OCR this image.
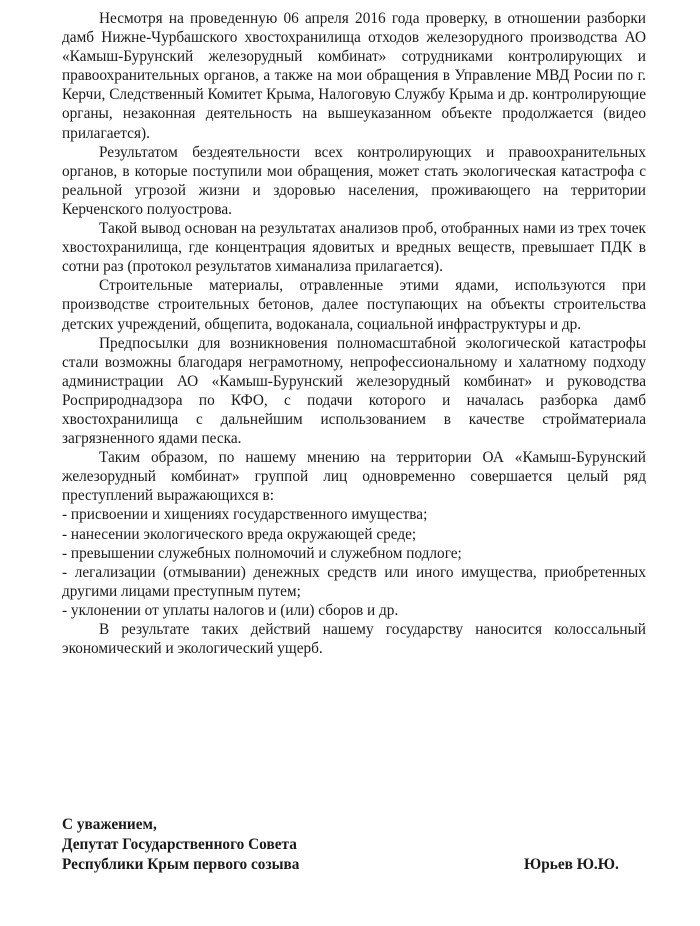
Несмотря на проведенную 06 апреля 2016 года проверку, в отношении разборки дамб Нижне-Чурбашского хвостохранилища отходов железорудного производства АО «Камыш-Бурунский железорудный комбинат» сотрудниками контролирующих и правоохранительных органов, а также на мои обращения в Управление МВД Росии по г. Керчи, Следственный Комитет Крыма, Налоговую Службу Крыма и др. контролирующие органы, незаконная деятельность на вышеуказанном объекте продолжается (видео прилагается).

Результатом бездеятельности всех контролирующих и правоохранительных органов, в которые поступили мои обращения, может стать экологическая катастрофа с реальной угрозой жизни и здоровью населения, проживающего на территории Керченского полуострова.

Такой вывод основан на результатах анализов проб, отобранных нами из трех точек хвостохранилища, где концентрация ядовитых и вредных веществ, превышает ПДК в сотни раз (протокол результатов химанализа прилагается).

Строительные материалы, отравленные этими ядами, используются при производстве строительных бетонов, далее поступающих на объекты строительства детских учреждений, общепита, водоканала, социальной инфраструктуры и др.

Предпосылки для возникновения полномасштабной экологической катастрофы стали возможны благодаря неграмотному, непрофессиональному и халатному подходу администрации АО «Камыш-Бурунский железорудный комбинат» и руководства Росприроднадзора по КФО, с подачи которого и началась разборка дамб хвостохранилища с дальнейшим использованием в качестве стройматериала загрязненного ядами песка.

Таким образом, по нашему мнению на территории ОА «Камыш-Бурунский железорудный комбинат» группой лиц одновременно совершается целый ряд преступлений выражающихся в:

- присвоении и хищениях государственного имущества;

- нанесении экологического вреда окружающей среде;

- превышении служебных полномочий и служебном подлоге;

- легализации (отмывании) денежных средств или иного имущества, приобретенных другими лицами преступным путем;

- уклонении от уплаты налогов и (или) сборов и др.

В результате таких действий нашему государству наносится колоссальный экономический и экологический ущерб.

С уважением,
Депутат Государственного Совета
Республики Крым первого созыва	Юрьев Ю.Ю.
